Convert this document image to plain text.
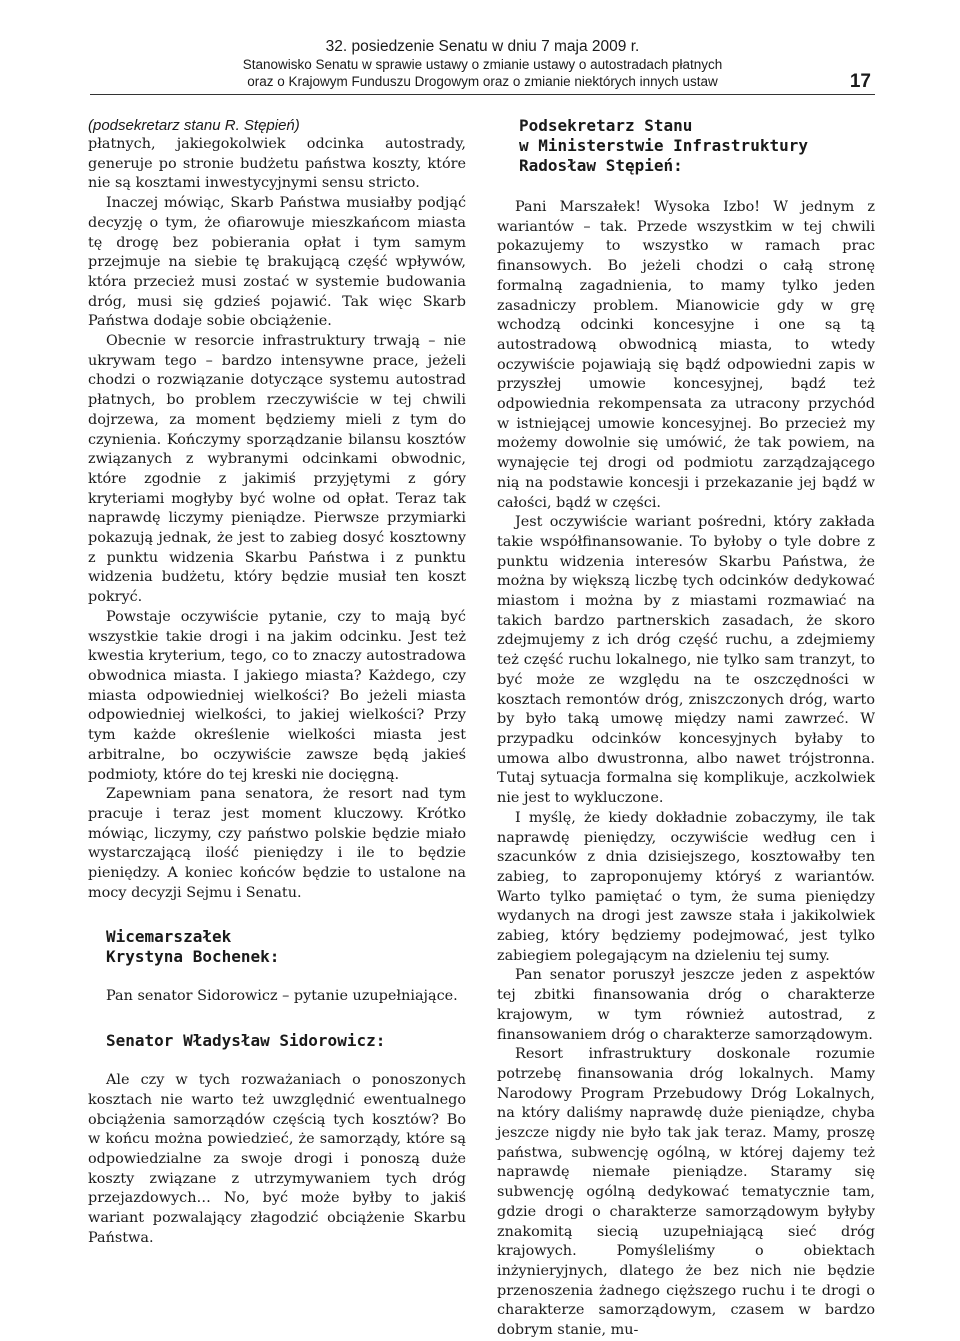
32. posiedzenie Senatu w dniu 7 maja 2009 r.
Stanowisko Senatu w sprawie ustawy o zmianie ustawy o autostradach płatnych
oraz o Krajowym Funduszu Drogowym oraz o zmianie niektórych innych ustaw	17

(podsekretarz stanu R. Stępień)

płatnych, jakiegokolwiek odcinka autostrady, generuje po stronie budżetu państwa koszty, które nie są kosztami inwestycyjnymi sensu stricto.

Inaczej mówiąc, Skarb Państwa musiałby podjąć decyzję o tym, że ofiarowuje mieszkańcom miasta tę drogę bez pobierania opłat i tym samym przejmuje na siebie tę brakującą część wpływów, która przecież musi zostać w systemie budowania dróg, musi się gdzieś pojawić. Tak więc Skarb Państwa dodaje sobie obciążenie.

Obecnie w resorcie infrastruktury trwają – nie ukrywam tego – bardzo intensywne prace, jeżeli chodzi o rozwiązanie dotyczące systemu autostrad płatnych, bo problem rzeczywiście w tej chwili dojrzewa, za moment będziemy mieli z tym do czynienia. Kończymy sporządzanie bilansu kosztów związanych z wybranymi odcinkami obwodnic, które zgodnie z jakimiś przyjętymi z góry kryteriami mogłyby być wolne od opłat. Teraz tak naprawdę liczymy pieniądze. Pierwsze przymiarki pokazują jednak, że jest to zabieg dosyć kosztowny z punktu widzenia Skarbu Państwa i z punktu widzenia budżetu, który będzie musiał ten koszt pokryć.

Powstaje oczywiście pytanie, czy to mają być wszystkie takie drogi i na jakim odcinku. Jest też kwestia kryterium, tego, co to znaczy autostradowa obwodnica miasta. I jakiego miasta? Każdego, czy miasta odpowiedniej wielkości? Bo jeżeli miasta odpowiedniej wielkości, to jakiej wielkości? Przy tym każde określenie wielkości miasta jest arbitralne, bo oczywiście zawsze będą jakieś podmioty, które do tej kreski nie docięgną.

Zapewniam pana senatora, że resort nad tym pracuje i teraz jest moment kluczowy. Krótko mówiąc, liczymy, czy państwo polskie będzie miało wystarczającą ilość pieniędzy i ile to będzie pieniędzy. A koniec końców będzie to ustalone na mocy decyzji Sejmu i Senatu.

Wicemarszałek
Krystyna Bochenek:

Pan senator Sidorowicz – pytanie uzupełniające.

Senator Władysław Sidorowicz:

Ale czy w tych rozważaniach o ponoszonych kosztach nie warto też uwzględnić ewentualnego obciążenia samorządów częścią tych kosztów? Bo w końcu można powiedzieć, że samorządy, które są odpowiedzialne za swoje drogi i ponoszą duże koszty związane z utrzymywaniem tych dróg przejazdowych… No, być może byłby to jakiś wariant pozwalający złagodzić obciążenie Skarbu Państwa.

Podsekretarz Stanu
w Ministerstwie Infrastruktury
Radosław Stępień:

Pani Marszałek! Wysoka Izbo! W jednym z wariantów – tak. Przede wszystkim w tej chwili pokazujemy to wszystko w ramach prac finansowych. Bo jeżeli chodzi o całą stronę formalną zagadnienia, to mamy tylko jeden zasadniczy problem. Mianowicie gdy w grę wchodzą odcinki koncesyjne i one są tą autostradową obwodnicą miasta, to wtedy oczywiście pojawiają się bądź odpowiedni zapis w przyszłej umowie koncesyjnej, bądź też odpowiednia rekompensata za utracony przychód w istniejącej umowie koncesyjnej. Bo przecież my możemy dowolnie się umówić, że tak powiem, na wynajęcie tej drogi od podmiotu zarządzającego nią na podstawie koncesji i przekazanie jej bądź w całości, bądź w części.

Jest oczywiście wariant pośredni, który zakłada takie współfinansowanie. To byłoby o tyle dobre z punktu widzenia interesów Skarbu Państwa, że można by większą liczbę tych odcinków dedykować miastom i można by z miastami rozmawiać na takich bardzo partnerskich zasadach, że skoro zdejmujemy z ich dróg część ruchu, a zdejmiemy też część ruchu lokalnego, nie tylko sam tranzyt, to być może ze względu na te oszczędności w kosztach remontów dróg, zniszczonych dróg, warto by było taką umowę między nami zawrzeć. W przypadku odcinków koncesyjnych byłaby to umowa albo dwustronna, albo nawet trójstronna. Tutaj sytuacja formalna się komplikuje, aczkolwiek nie jest to wykluczone.

I myślę, że kiedy dokładnie zobaczymy, ile tak naprawdę pieniędzy, oczywiście według cen i szacunków z dnia dzisiejszego, kosztowałby ten zabieg, to zaproponujemy któryś z wariantów. Warto tylko pamiętać o tym, że suma pieniędzy wydanych na drogi jest zawsze stała i jakikolwiek zabieg, który będziemy podejmować, jest tylko zabiegiem polegającym na dzieleniu tej sumy.

Pan senator poruszył jeszcze jeden z aspektów tej zbitki finansowania dróg o charakterze krajowym, w tym również autostrad, z finansowaniem dróg o charakterze samorządowym.

Resort infrastruktury doskonale rozumie potrzebę finansowania dróg lokalnych. Mamy Narodowy Program Przebudowy Dróg Lokalnych, na który daliśmy naprawdę duże pieniądze, chyba jeszcze nigdy nie było tak jak teraz. Mamy, proszę państwa, subwencję ogólną, w której dajemy też naprawdę niemałe pieniądze. Staramy się subwencję ogólną dedykować tematycznie tam, gdzie drogi o charakterze samorządowym byłyby znakomitą siecią uzupełniającą sieć dróg krajowych. Pomyśleliśmy o obiektach inżynieryjnych, dlatego że bez nich nie będzie przenoszenia żadnego cięższego ruchu i te drogi o charakterze samorządowym, czasem w bardzo dobrym stanie, mu-
